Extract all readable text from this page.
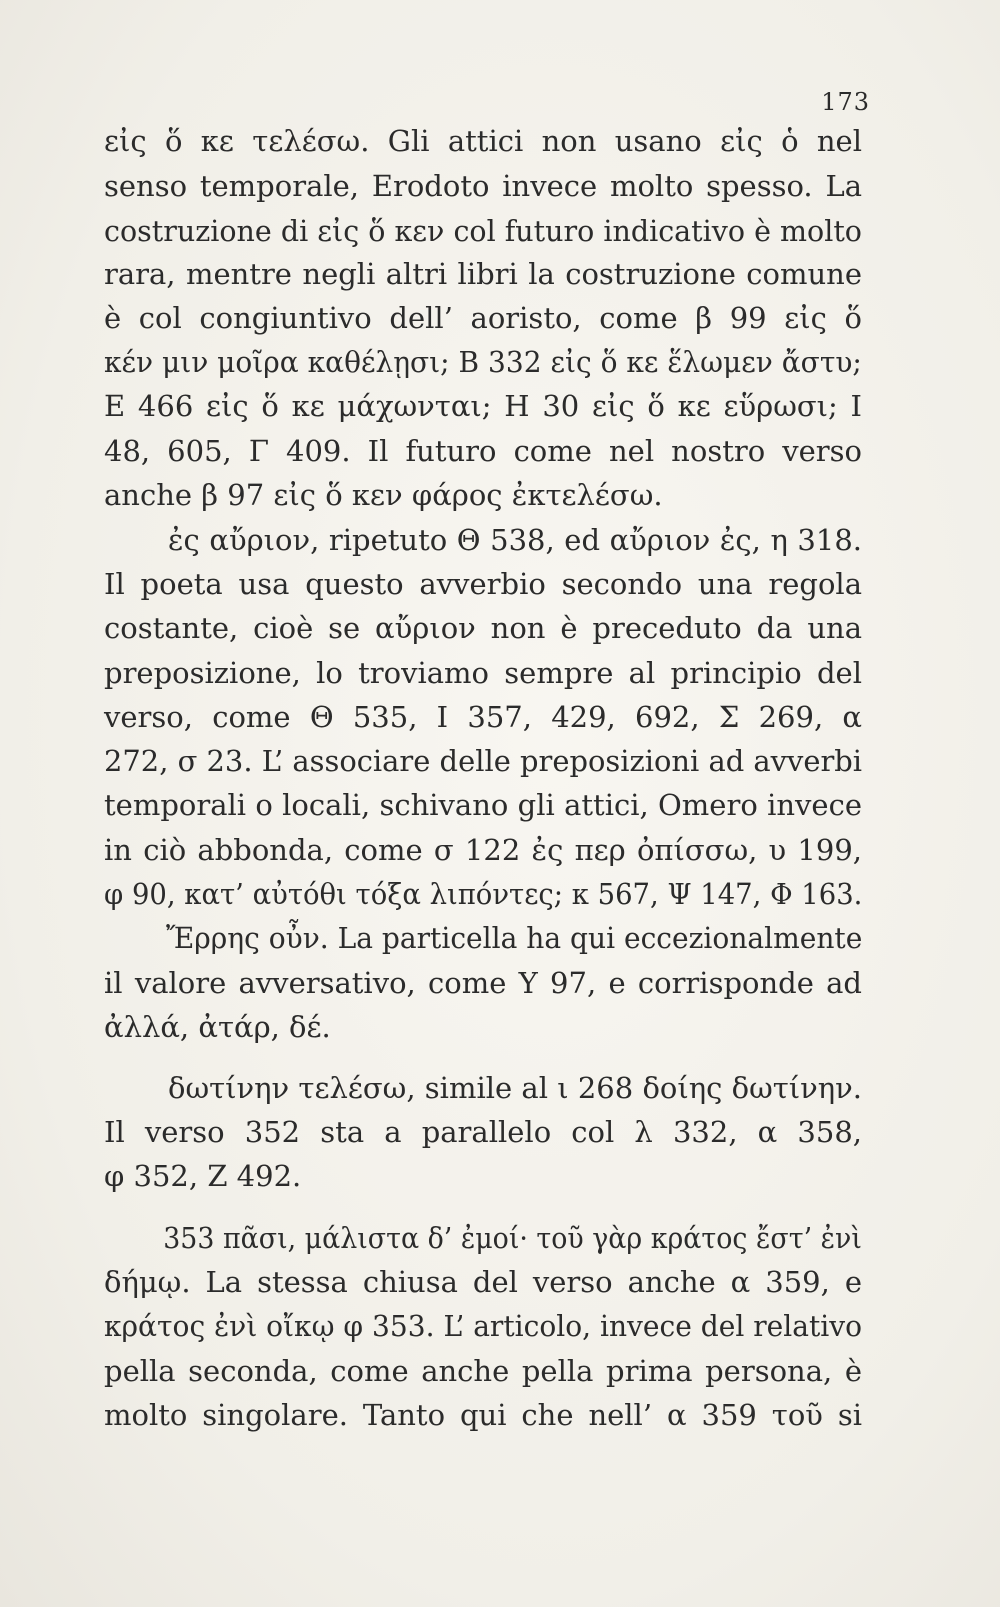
173
εἰς ὅ κε τελέσω. Gli attici non usano εἰς ὁ nel
senso temporale, Erodoto invece molto spesso. La
costruzione di εἰς ὅ κεν col futuro indicativo è molto
rara, mentre negli altri libri la costruzione comune
è col congiuntivo dell’ aoristo, come β 99 εἰς ὅ
κέν μιν μοῖρα καθέλῃσι; B 332 εἰς ὅ κε ἕλωμεν ἄστυ;
E 466 εἰς ὅ κε μάχωνται; H 30 εἰς ὅ κε εὕρωσι; I
48, 605, Γ 409. Il futuro come nel nostro verso
anche β 97 εἰς ὅ κεν φάρος ἐκτελέσω.
ἐς αὔριον, ripetuto Θ 538, ed αὔριον ἐς, η 318.
Il poeta usa questo avverbio secondo una regola
costante, cioè se αὔριον non è preceduto da una
preposizione, lo troviamo sempre al principio del
verso, come Θ 535, I 357, 429, 692, Σ 269, α
272, σ 23. L’ associare delle preposizioni ad avverbi
temporali o locali, schivano gli attici, Omero invece
in ciò abbonda, come σ 122 ἐς περ ὀπίσσω, υ 199,
φ 90, κατ’ αὐτόθι τόξα λιπόντες; κ 567, Ψ 147, Φ 163.
Ἔρρης οὖν. La particella ha qui eccezionalmente
il valore avversativo, come Υ 97, e corrisponde ad
ἀλλά, ἀτάρ, δέ.
δωτίνην τελέσω, simile al ι 268 δοίης δωτίνην.
Il verso 352 sta a parallelo col λ 332, α 358,
φ 352, Z 492.
353 πᾶσι, μάλιστα δ’ ἐμοί· τοῦ γὰρ κράτος ἔστ’ ἐνὶ
δήμῳ. La stessa chiusa del verso anche α 359, e
κράτος ἐνὶ οἴκῳ φ 353. L’ articolo, invece del relativo
pella seconda, come anche pella prima persona, è
molto singolare. Tanto qui che nell’ α 359 τοῦ si
